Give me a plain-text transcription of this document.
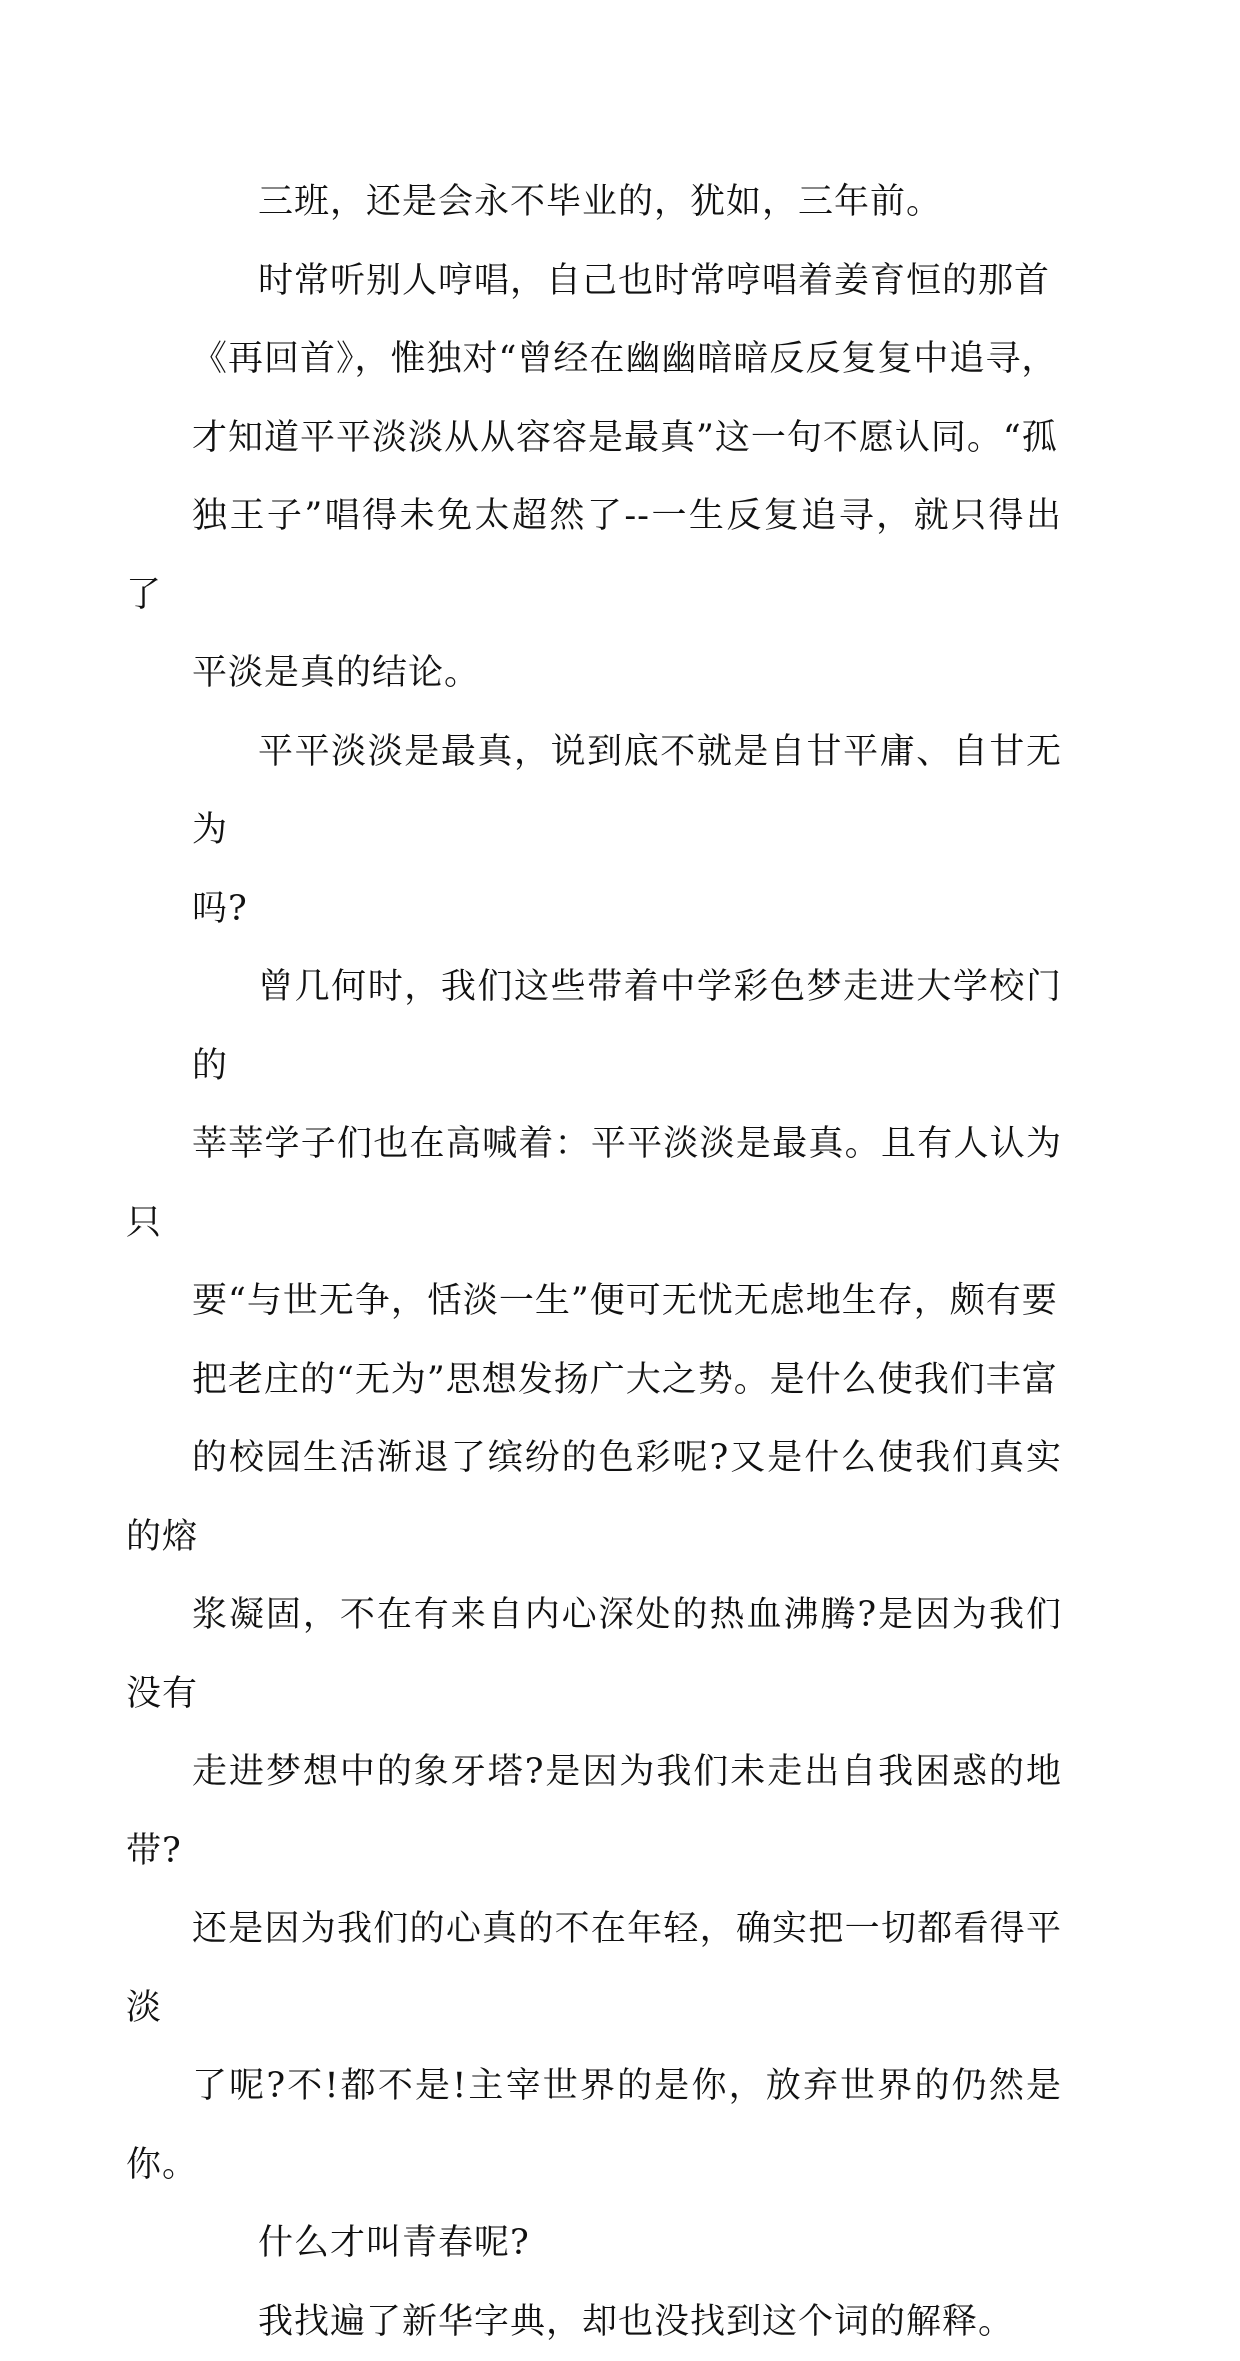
三班，还是会永不毕业的，犹如，三年前。

时常听别人哼唱，自己也时常哼唱着姜育恒的那首
《再回首》，惟独对“曾经在幽幽暗暗反反复复中追寻，
才知道平平淡淡从从容容是最真”这一句不愿认同。“孤
独王子”唱得未免太超然了--一生反复追寻，就只得出了
平淡是真的结论。

平平淡淡是最真，说到底不就是自甘平庸、自甘无为
吗?

曾几何时，我们这些带着中学彩色梦走进大学校门的
莘莘学子们也在高喊着：平平淡淡是最真。且有人认为只
要“与世无争，恬淡一生”便可无忧无虑地生存，颇有要
把老庄的“无为”思想发扬广大之势。是什么使我们丰富
的校园生活渐退了缤纷的色彩呢?又是什么使我们真实的熔
浆凝固，不在有来自内心深处的热血沸腾?是因为我们没有
走进梦想中的象牙塔?是因为我们未走出自我困惑的地带?
还是因为我们的心真的不在年轻，确实把一切都看得平淡
了呢?不!都不是!主宰世界的是你，放弃世界的仍然是你。

什么才叫青春呢?

我找遍了新华字典，却也没找到这个词的解释。
